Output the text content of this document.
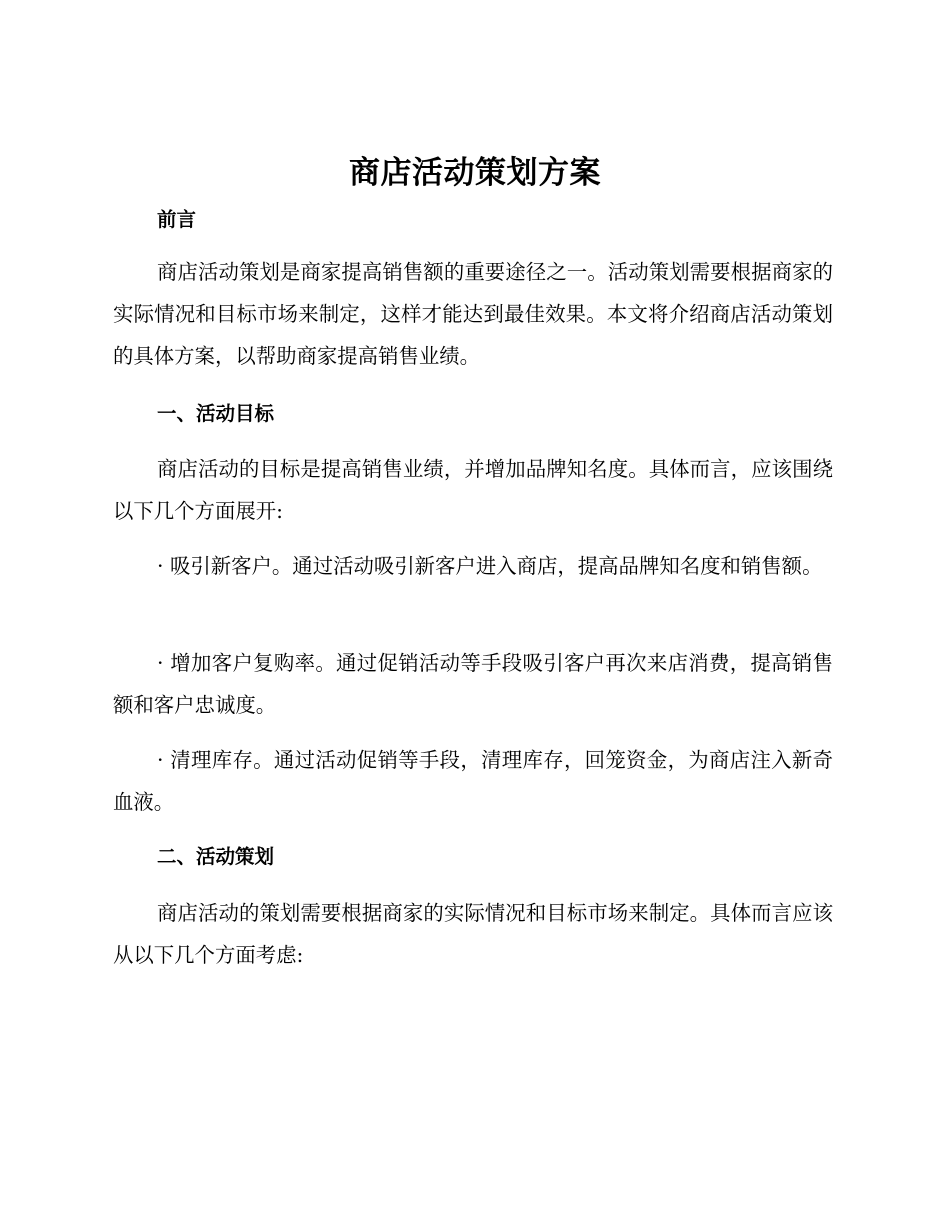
商店活动策划方案
前言

商店活动策划是商家提高销售额的重要途径之一。活动策划需要根据商家的实际情况和目标市场来制定，这样才能达到最佳效果。本文将介绍商店活动策划的具体方案，以帮助商家提高销售业绩。

一、活动目标

商店活动的目标是提高销售业绩，并增加品牌知名度。具体而言，应该围绕以下几个方面展开:

· 吸引新客户。通过活动吸引新客户进入商店，提高品牌知名度和销售额。

· 增加客户复购率。通过促销活动等手段吸引客户再次来店消费，提高销售额和客户忠诚度。

· 清理库存。通过活动促销等手段，清理库存，回笼资金，为商店注入新奇血液。

二、活动策划

商店活动的策划需要根据商家的实际情况和目标市场来制定。具体而言应该从以下几个方面考虑:
